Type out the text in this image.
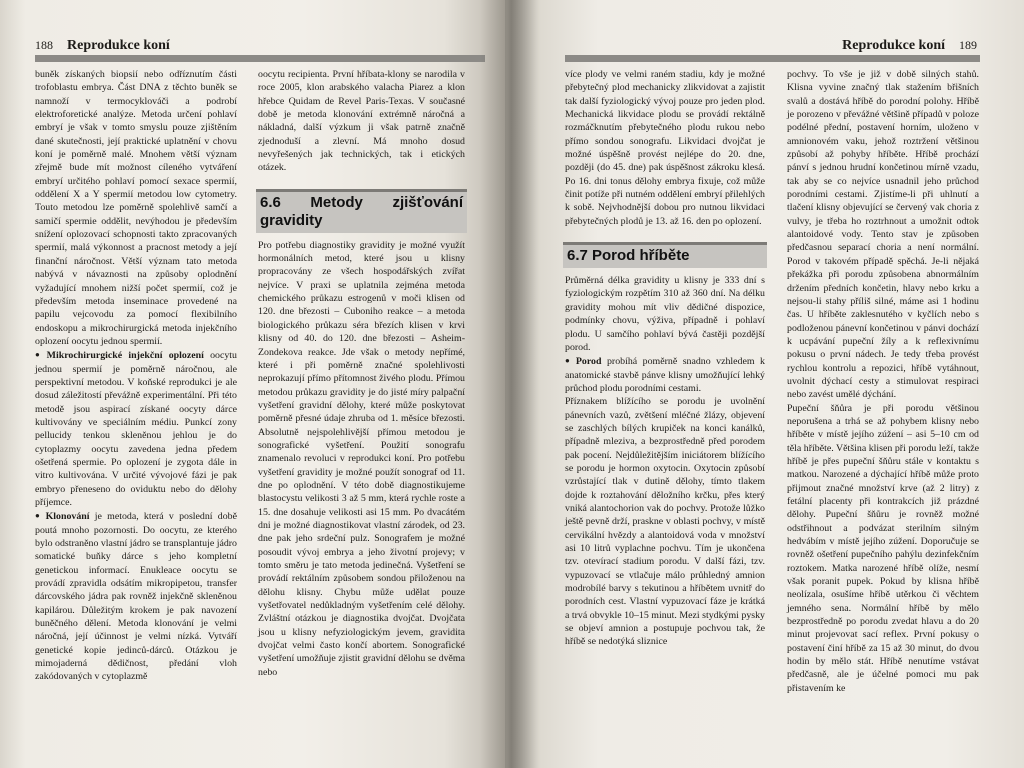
188 Reprodukce koní

buněk získaných biopsií nebo odříznutím části trofoblastu embrya. Část DNA z těchto buněk se namnoží v termocyklováči a podrobí elektroforetické analýze. Metoda určení pohlaví embryí je však v tomto smyslu pouze zjištěním dané skutečnosti, její praktické uplatnění v chovu koní je poměrně malé. Mnohem větší význam zřejmě bude mít možnost cíleného vytváření embryí určitého pohlaví pomocí sexace spermií, oddělení X a Y spermií metodou low cytometry. Touto metodou lze poměrně spolehlivě samčí a samičí spermie oddělit, nevýhodou je především snížení oplozovací schopnosti takto zpracovaných spermií, malá výkonnost a pracnost metody a její finanční náročnost. Větší význam tato metoda nabývá v návaznosti na způsoby oplodnění vyžadující mnohem nižší počet spermií, což je především metoda inseminace provedené na papilu vejcovodu za pomocí flexibilního endoskopu a mikrochirurgická metoda injekčního oplození oocytu jednou spermií.

● Mikrochirurgické injekční oplození oocytu jednou spermií je poměrně náročnou, ale perspektivní metodou. V koňské reprodukci je ale dosud záležitostí převážně experimentální. Při této metodě jsou aspirací získané oocyty dárce kultivovány ve speciálním médiu. Punkcí zony pellucidy tenkou skleněnou jehlou je do cytoplazmy oocytu zavedena jedna předem ošetřená spermie. Po oplození je zygota dále in vitro kultivována. V určité vývojové fázi je pak embryo přeneseno do oviduktu nebo do dělohy příjemce.

● Klonování je metoda, která v poslední době poutá mnoho pozornosti. Do oocytu, ze kterého bylo odstraněno vlastní jádro se transplantuje jádro somatické buňky dárce s jeho kompletní genetickou informací. Enukleace oocytu se provádí zpravidla odsátím mikropipetou, transfer dárcovského jádra pak rovněž injekčně skleněnou kapilárou. Důležitým krokem je pak navození buněčného dělení. Metoda klonování je velmi náročná, její účinnost je velmi nízká. Vytváří genetické kopie jedinců-dárců. Otázkou je mimojaderná dědičnost, předání vloh zakódovaných v cytoplazmě

oocytu recipienta. První hříbata-klony se narodila v roce 2005, klon arabského valacha Piarez a klon hřebce Quidam de Revel Paris-Texas. V současné době je metoda klonování extrémně náročná a nákladná, další výzkum ji však patrně značně zjednoduší a zlevní. Má mnoho dosud nevyřešených jak technických, tak i etických otázek.

6.6 Metody zjišťování gravidity

Pro potřebu diagnostiky gravidity je možné využít hormonálních metod, které jsou u klisny propracovány ze všech hospodářských zvířat nejvíce. V praxi se uplatnila zejména metoda chemického průkazu estrogenů v moči klisen od 120. dne březosti – Cuboniho reakce – a metoda biologického průkazu séra březích klisen v krvi klisny od 40. do 120. dne březosti – Asheim-Zondekova reakce. Jde však o metody nepřímé, které i při poměrně značné spolehlivosti neprokazují přímo přítomnost živého plodu. Přímou metodou průkazu gravidity je do jisté míry palpační vyšetření gravidní dělohy, které může poskytovat poměrně přesné údaje zhruba od 1. měsíce březosti. Absolutně nejspolehlivější přímou metodou je sonografické vyšetření. Použití sonografu znamenalo revoluci v reprodukci koní. Pro potřebu vyšetření gravidity je možné použít sonograf od 11. dne po oplodnění. V této době diagnostikujeme blastocystu velikosti 3 až 5 mm, která rychle roste a 15. dne dosahuje velikosti asi 15 mm. Po dvacátém dni je možné diagnostikovat vlastní zárodek, od 23. dne pak jeho srdeční pulz. Sonografem je možné posoudit vývoj embrya a jeho životní projevy; v tomto směru je tato metoda jedinečná. Vyšetření se provádí rektálním způsobem sondou přiloženou na dělohu klisny. Chybu může udělat pouze vyšetřovatel nedůkladným vyšetřením celé dělohy. Zvláštní otázkou je diagnostika dvojčat. Dvojčata jsou u klisny nefyziologickým jevem, gravidita dvojčat velmi často končí abortem. Sonografické vyšetření umožňuje zjistit gravidní dělohu se dvěma nebo

Reprodukce koní 189

více plody ve velmi raném stadiu, kdy je možné přebytečný plod mechanicky zlikvidovat a zajistit tak další fyziologický vývoj pouze pro jeden plod. Mechanická likvidace plodu se provádí rektálně rozmáčknutím přebytečného plodu rukou nebo přímo sondou sonografu. Likvidaci dvojčat je možné úspěšně provést nejlépe do 20. dne, později (do 45. dne) pak úspěšnost zákroku klesá. Po 16. dni tonus dělohy embrya fixuje, což může činit potíže při nutném oddělení embryí přilehlých k sobě. Nejvhodnější dobou pro nutnou likvidaci přebytečných plodů je 13. až 16. den po oplození.

6.7 Porod hříběte

Průměrná délka gravidity u klisny je 333 dní s fyziologickým rozpětím 310 až 360 dní. Na délku gravidity mohou mít vliv dědičné dispozice, podmínky chovu, výživa, případně i pohlaví plodu. U samčího pohlaví bývá častěji pozdější porod.

● Porod probíhá poměrně snadno vzhledem k anatomické stavbě pánve klisny umožňující lehký průchod plodu porodními cestami.

Příznakem blížícího se porodu je uvolnění pánevních vazů, zvětšení mléčné žlázy, objevení se zaschlých bílých krupiček na konci kanálků, případně mleziva, a bezprostředně před porodem pak pocení. Nejdůležitějším iniciátorem blížícího se porodu je hormon oxytocin. Oxytocin způsobí vzrůstající tlak v dutině dělohy, tímto tlakem dojde k roztahování děložního krčku, přes který vniká alantochorion vak do pochvy. Protože lůžko ještě pevně drží, praskne v oblasti pochvy, v místě cervikální hvězdy a alantoidová voda v množství asi 10 litrů vyplachne pochvu. Tím je ukončena tzv. otevírací stadium porodu. V další fázi, tzv. vypuzovací se vtlačuje málo průhledný amnion modrobílé barvy s tekutinou a hříbětem uvnitř do porodních cest. Vlastní vypuzovací fáze je krátká a trvá obvykle 10–15 minut. Mezi stydkými pysky se objeví amnion a postupuje pochvou tak, že hříbě se nedotýká sliznice

pochvy. To vše je již v době silných stahů. Klisna vyvine značný tlak stažením břišních svalů a dostává hříbě do porodní polohy. Hříbě je porozeno v převážné většině případů v poloze podélné přední, postavení horním, uloženo v amnionovém vaku, jehož roztržení většinou způsobí až pohyby hříběte. Hříbě prochází pánví s jednou hrudní končetinou mírně vzadu, tak aby se co nejvíce usnadnil jeho průchod porodními cestami. Zjistíme-li při uhlnutí a tlačení klisny objevující se červený vak choria z vulvy, je třeba ho roztrhnout a umožnit odtok alantoidové vody. Tento stav je způsoben předčasnou separací choria a není normální. Porod v takovém případě spěchá. Je-li nějaká překážka při porodu způsobena abnormálním držením předních končetin, hlavy nebo krku a nejsou-li stahy příliš silné, máme asi 1 hodinu čas. U hříběte zaklesnutého v kyčlích nebo s podloženou pánevní končetinou v pánvi dochází k ucpávání pupeční žíly a k reflexivnímu pokusu o první nádech. Je tedy třeba provést rychlou kontrolu a repozici, hříbě vytáhnout, uvolnit dýchací cesty a stimulovat respiraci nebo zavést umělé dýchání.

Pupeční šňůra je při porodu většinou neporušena a trhá se až pohybem klisny nebo hříběte v místě jejího zúžení – asi 5–10 cm od těla hříběte. Většina klisen při porodu leží, takže hříbě je přes pupeční šňůru stále v kontaktu s matkou. Narozené a dýchající hříbě může proto přijmout značné množství krve (až 2 litry) z fetální placenty při kontrakcích již prázdné dělohy. Pupeční šňůru je rovněž možné odstřihnout a podvázat sterilním silným hedvábím v místě jejího zúžení. Doporučuje se rovněž ošetření pupečního pahýlu dezinfekčním roztokem. Matka narozené hříbě olíže, nesmí však poranit pupek. Pokud by klisna hříbě neolízala, osušíme hříbě utěrkou či věchtem jemného sena. Normální hříbě by mělo bezprostředně po porodu zvedat hlavu a do 20 minut projevovat sací reflex. První pokusy o postavení činí hříbě za 15 až 30 minut, do dvou hodin by mělo stát. Hříbě nenutíme vstávat předčasně, ale je účelné pomoci mu pak přistavením ke
